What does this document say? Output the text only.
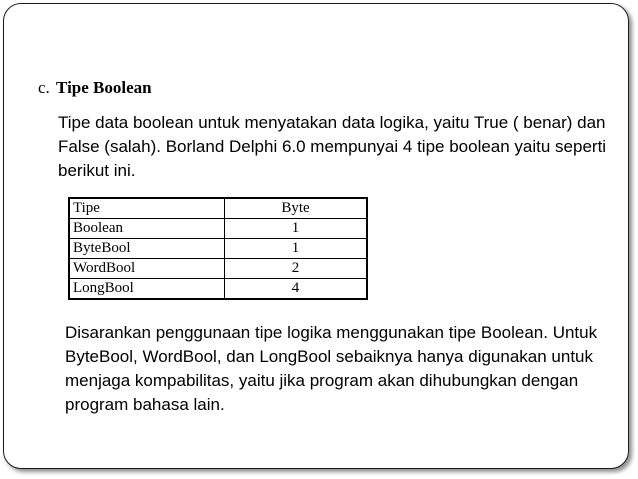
c. Tipe Boolean

Tipe data boolean untuk menyatakan data logika, yaitu True ( benar) dan False (salah). Borland Delphi 6.0 mempunyai 4 tipe boolean yaitu seperti berikut ini.

Tipe	Byte
Boolean	1
ByteBool	1
WordBool	2
LongBool	4

Disarankan penggunaan tipe logika menggunakan tipe Boolean. Untuk ByteBool, WordBool, dan LongBool sebaiknya hanya digunakan untuk menjaga kompabilitas, yaitu jika program akan dihubungkan dengan program bahasa lain.
